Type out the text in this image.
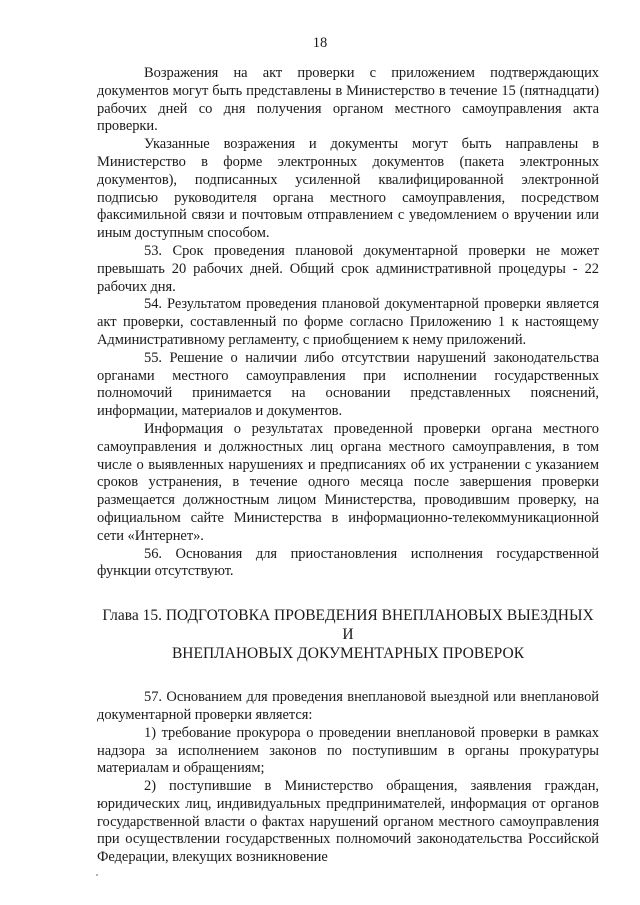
18

Возражения на акт проверки с приложением подтверждающих документов могут быть представлены в Министерство в течение 15 (пятнадцати) рабочих дней со дня получения органом местного самоуправления акта проверки.

Указанные возражения и документы могут быть направлены в Министерство в форме электронных документов (пакета электронных документов), подписанных усиленной квалифицированной электронной подписью руководителя органа местного самоуправления, посредством факсимильной связи и почтовым отправлением с уведомлением о вручении или иным доступным способом.

53. Срок проведения плановой документарной проверки не может превышать 20 рабочих дней. Общий срок административной процедуры - 22 рабочих дня.

54. Результатом проведения плановой документарной проверки является акт проверки, составленный по форме согласно Приложению 1 к настоящему Административному регламенту, с приобщением к нему приложений.

55. Решение о наличии либо отсутствии нарушений законодательства органами местного самоуправления при исполнении государственных полномочий принимается на основании представленных пояснений, информации, материалов и документов.

Информация о результатах проведенной проверки органа местного самоуправления и должностных лиц органа местного самоуправления, в том числе о выявленных нарушениях и предписаниях об их устранении с указанием сроков устранения, в течение одного месяца после завершения проверки размещается должностным лицом Министерства, проводившим проверку, на официальном сайте Министерства в информационно-телекоммуникационной сети «Интернет».

56. Основания для приостановления исполнения государственной функции отсутствуют.

Глава 15. ПОДГОТОВКА ПРОВЕДЕНИЯ ВНЕПЛАНОВЫХ ВЫЕЗДНЫХ И
ВНЕПЛАНОВЫХ ДОКУМЕНТАРНЫХ ПРОВЕРОК

57. Основанием для проведения внеплановой выездной или внеплановой документарной проверки является:

1) требование прокурора о проведении внеплановой проверки в рамках надзора за исполнением законов по поступившим в органы прокуратуры материалам и обращениям;

2) поступившие в Министерство обращения, заявления граждан, юридических лиц, индивидуальных предпринимателей, информация от органов государственной власти о фактах нарушений органом местного самоуправления при осуществлении государственных полномочий законодательства Российской Федерации, влекущих возникновение
